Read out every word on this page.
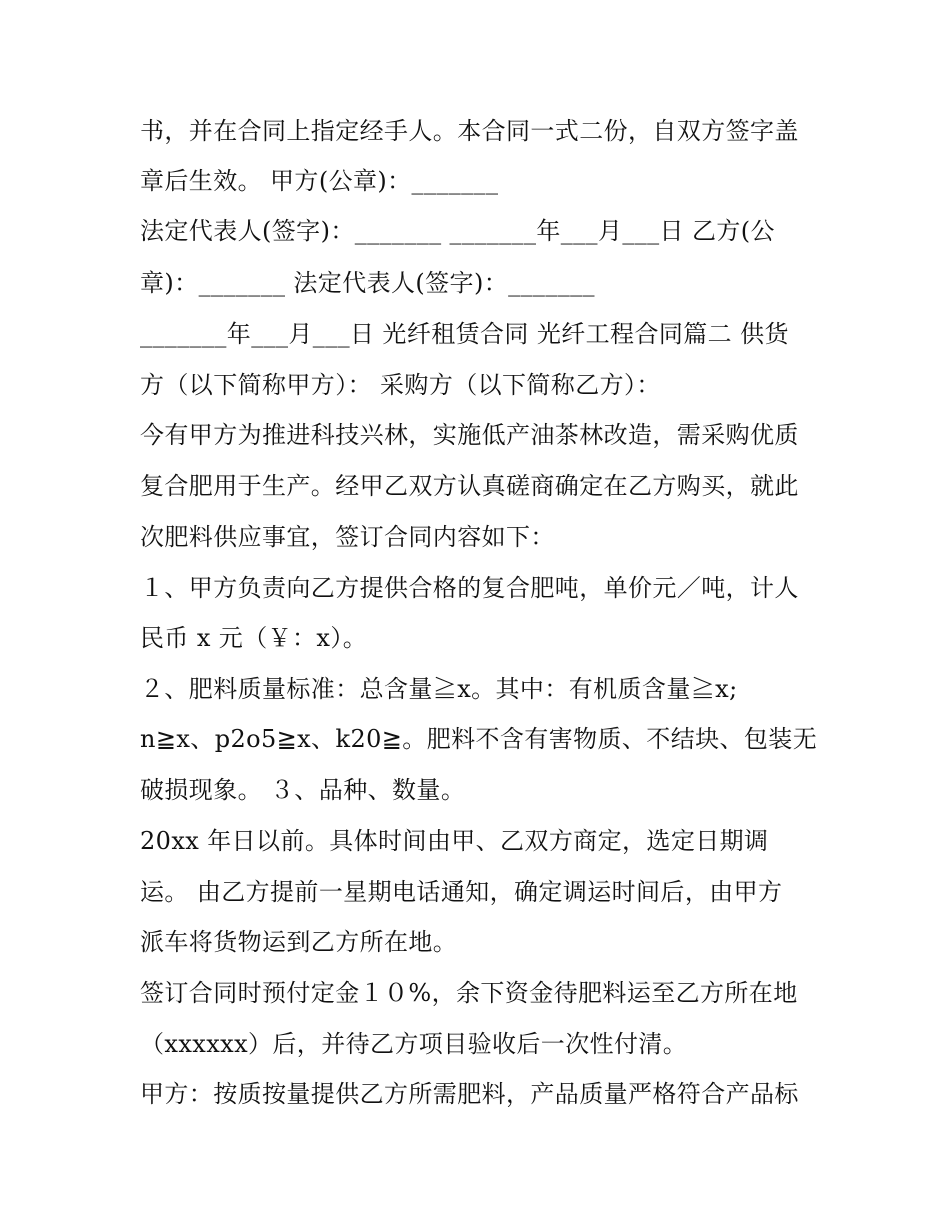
书，并在合同上指定经手人。本合同一式二份，自双方签字盖
章后生效。 甲方(公章)：_______
法定代表人(签字)：_______ _______年___月___日 乙方(公
章)：_______ 法定代表人(签字)：_______
_______年___月___日 光纤租赁合同 光纤工程合同篇二 供货
方（以下简称甲方）： 采购方（以下简称乙方）：
今有甲方为推进科技兴林，实施低产油茶林改造，需采购优质
复合肥用于生产。经甲乙双方认真磋商确定在乙方购买，就此
次肥料供应事宜，签订合同内容如下：
１、甲方负责向乙方提供合格的复合肥吨，单价元／吨，计人
民币 x 元（￥：x）。
２、肥料质量标准：总含量≧x。其中：有机质含量≧x;
n≧x、p2o5≧x、k20≧。肥料不含有害物质、不结块、包装无
破损现象。 ３、品种、数量。
20xx 年日以前。具体时间由甲、乙双方商定，选定日期调
运。 由乙方提前一星期电话通知，确定调运时间后，由甲方
派车将货物运到乙方所在地。
签订合同时预付定金１０%，余下资金待肥料运至乙方所在地
（xxxxxx）后，并待乙方项目验收后一次性付清。
甲方：按质按量提供乙方所需肥料，产品质量严格符合产品标
